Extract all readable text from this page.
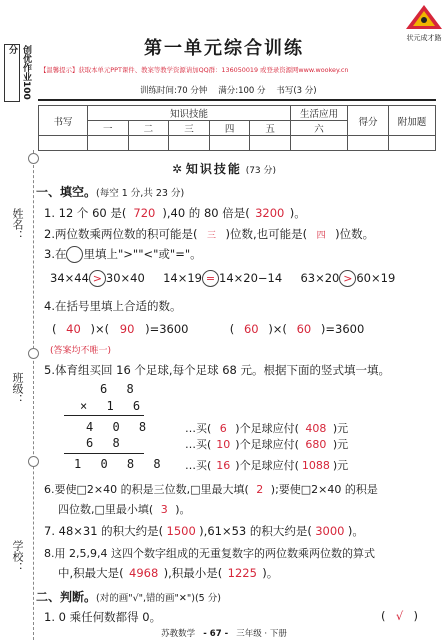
状元成才路
创优作业100分	第一单元综合训练
【温馨提示】获取本单元PPT课件、教案等教学资源请加QQ群：136050019 或登录资源网www.wookey.cn
训练时间:70 分钟 满分:100 分 书写(3 分)
书写	知识技能					生活应用	得分	附加题
	一	二	三	四	五	六		

姓名：
班级：
学校：
✲ 知识技能 (73 分)
一、填空。(每空 1 分,共 23 分)
1. 12 个 60 是( 720 ),40 的 80 倍是( 3200 )。
2.两位数乘两位数的积可能是( 三 )位数,也可能是( 四 )位数。
3.在 里填上">""<"或"="。
34×44 > 30×40 14×19 = 14×20−14 63×20 > 60×19
4.在括号里填上合适的数。
( 40 )×( 90 )=3600	( 60 )×( 60 )=3600
(答案均不唯一)
5.体育组买回 16 个足球,每个足球 68 元。根据下面的竖式填一填。
6 8
× 1 6
4 0 8
6 8
1 0 8 8
…买( 6 )个足球应付( 408 )元
…买( 10 )个足球应付( 680 )元
…买( 16 )个足球应付( 1088 )元
6.要使□2×40 的积是三位数,□里最大填( 2 );要使□2×40 的积是
四位数,□里最小填( 3 )。
7. 48×31 的积大约是( 1500 ),61×53 的积大约是( 3000 )。
8.用 2,5,9,4 这四个数字组成的无重复数字的两位数乘两位数的算式
中,积最大是( 4968 ),积最小是( 1225 )。
二、判断。(对的画"√",错的画"✕")(5 分)
1. 0 乘任何数都得 0。	( √ )
苏教数学 - 67 - 三年级 · 下册
